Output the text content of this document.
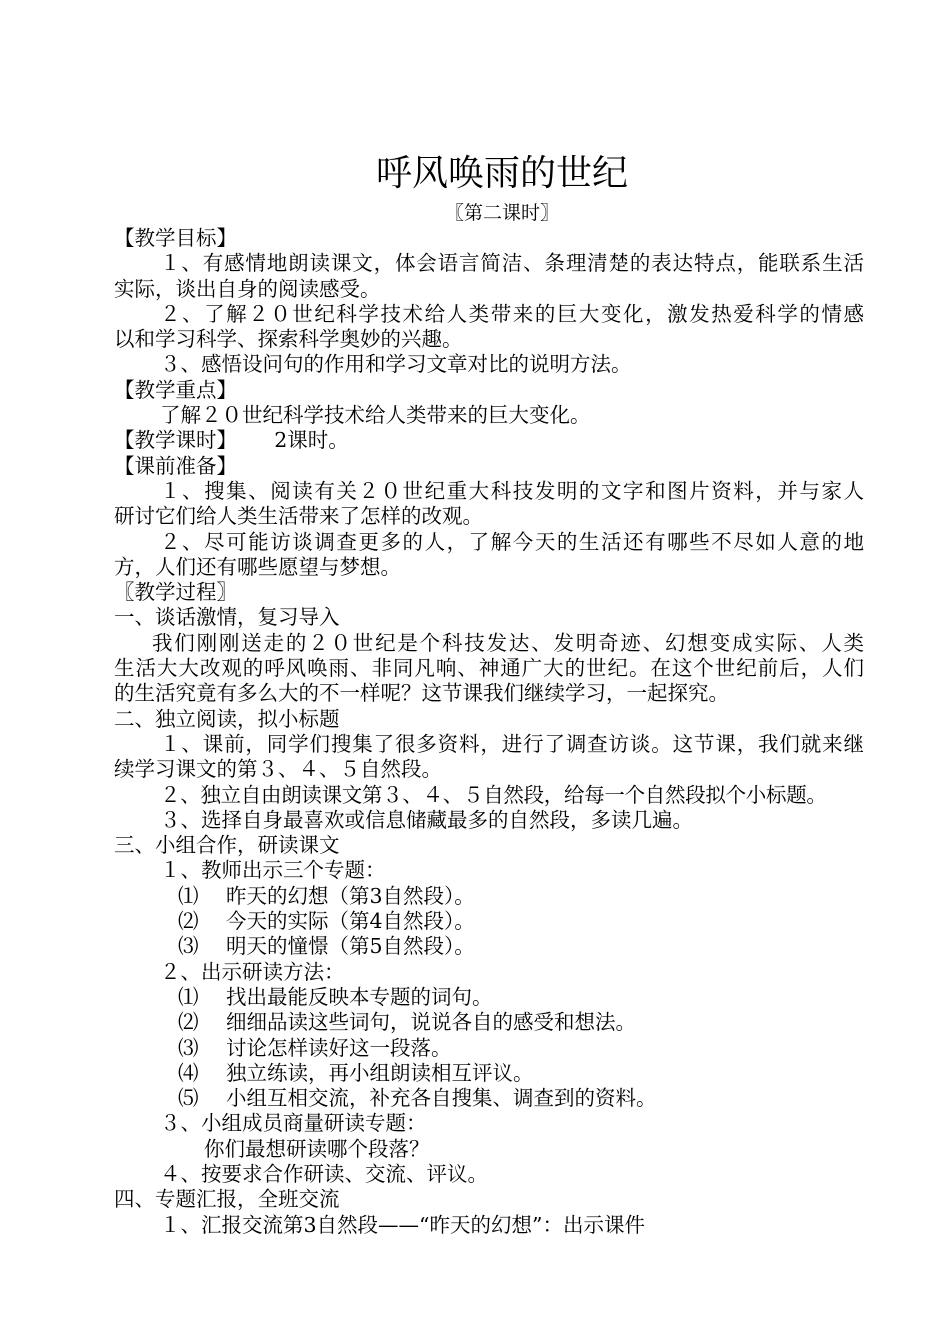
呼风唤雨的世纪
〖第二课时〗
【教学目标】
１、有感情地朗读课文，体会语言简洁、条理清楚的表达特点，能联系生活
实际，谈出自身的阅读感受。
２、了解２０世纪科学技术给人类带来的巨大变化，激发热爱科学的情感
以和学习科学、探索科学奥妙的兴趣。
３、感悟设问句的作用和学习文章对比的说明方法。
【教学重点】
了解２０世纪科学技术给人类带来的巨大变化。
【教学课时】　　 2课时。
【课前准备】
１、搜集、阅读有关２０世纪重大科技发明的文字和图片资料，并与家人
研讨它们给人类生活带来了怎样的改观。
２、尽可能访谈调查更多的人，了解今天的生活还有哪些不尽如人意的地
方，人们还有哪些愿望与梦想。
〖教学过程〗
一、谈话激情，复习导入
我们刚刚送走的２０世纪是个科技发达、发明奇迹、幻想变成实际、人类
生活大大改观的呼风唤雨、非同凡响、神通广大的世纪。在这个世纪前后，人们
的生活究竟有多么大的不一样呢？这节课我们继续学习，一起探究。
二、独立阅读，拟小标题
１、课前，同学们搜集了很多资料，进行了调查访谈。这节课，我们就来继
续学习课文的第３、４、５自然段。
２、独立自由朗读课文第３、４、５自然段，给每一个自然段拟个小标题。
３、选择自身最喜欢或信息储藏最多的自然段，多读几遍。
三、小组合作，研读课文
１、教师出示三个专题：
⑴ 昨天的幻想（第3自然段）。
⑵ 今天的实际（第4自然段）。
⑶ 明天的憧憬（第5自然段）。
２、出示研读方法：
⑴ 找出最能反映本专题的词句。
⑵ 细细品读这些词句，说说各自的感受和想法。
⑶ 讨论怎样读好这一段落。
⑷ 独立练读，再小组朗读相互评议。
⑸ 小组互相交流，补充各自搜集、调查到的资料。
３、小组成员商量研读专题：
你们最想研读哪个段落？
４、按要求合作研读、交流、评议。
四、专题汇报，全班交流
１、汇报交流第3自然段——“昨天的幻想”：出示课件
